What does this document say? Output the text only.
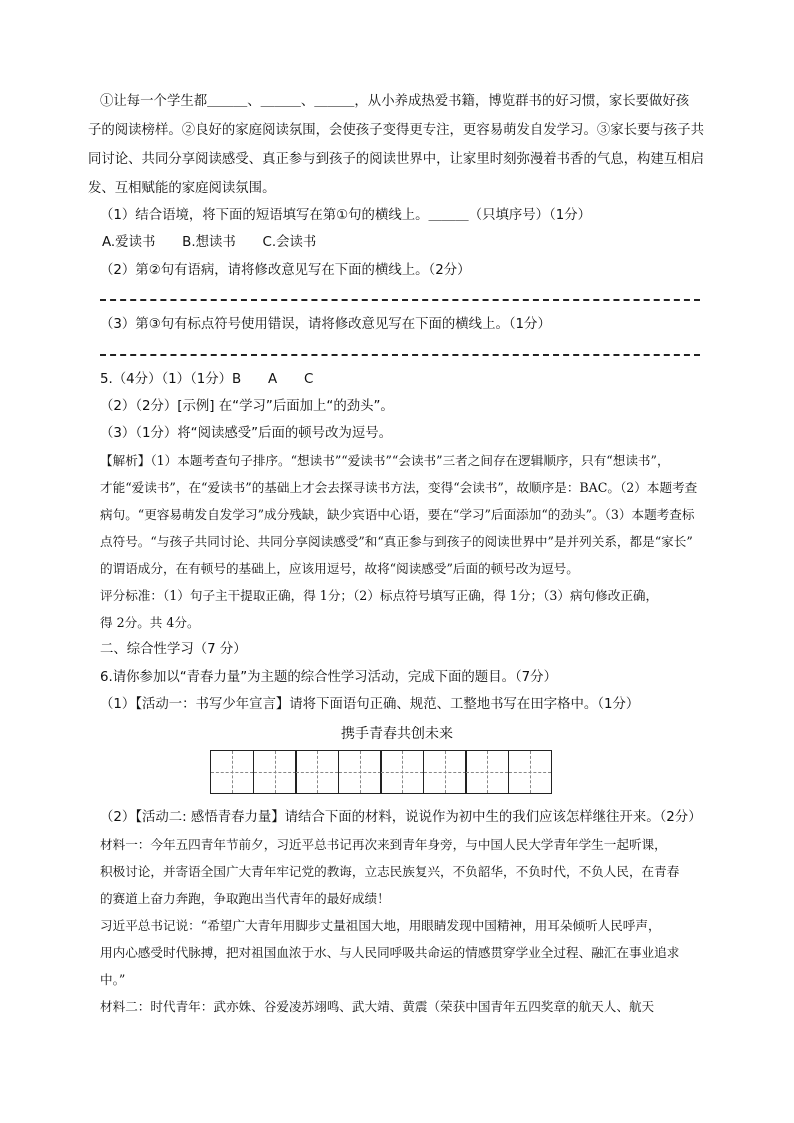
①让每一个学生都＿＿＿、＿＿＿、＿＿＿，从小养成热爱书籍，博览群书的好习惯，家长要做好孩
子的阅读榜样。②良好的家庭阅读氛围，会使孩子变得更专注，更容易萌发自发学习。③家长要与孩子共
同讨论、共同分享阅读感受、真正参与到孩子的阅读世界中，让家里时刻弥漫着书香的气息，构建互相启
发、互相赋能的家庭阅读氛围。
（1）结合语境，将下面的短语填写在第①句的横线上。＿＿＿（只填序号）（1分）
A.爱读书　　B.想读书　　C.会读书
（2）第②句有语病，请将修改意见写在下面的横线上。（2分）
（3）第③句有标点符号使用错误，请将修改意见写在下面的横线上。（1分）
5.（4分）（1）（1分）B　　A　　C
（2）（2分）[示例] 在“学习”后面加上“的劲头”。
（3）（1分）将“阅读感受”后面的顿号改为逗号。
【解析】（1）本题考查句子排序。“想读书”“爱读书”“会读书”三者之间存在逻辑顺序，只有“想读书”，
才能“爱读书”，在“爱读书”的基础上才会去探寻读书方法，变得“会读书”，故顺序是：BAC。（2）本题考查
病句。“更容易萌发自发学习”成分残缺，缺少宾语中心语，要在“学习”后面添加“的劲头”。（3）本题考查标
点符号。“与孩子共同讨论、共同分享阅读感受”和“真正参与到孩子的阅读世界中”是并列关系，都是“家长”
的谓语成分，在有顿号的基础上，应该用逗号，故将“阅读感受”后面的顿号改为逗号。
评分标准：（1）句子主干提取正确，得 1分；（2）标点符号填写正确，得 1分；（3）病句修改正确，
得 2分。共 4分。
二、综合性学习（7 分）
6.请你参加以“青春力量”为主题的综合性学习活动，完成下面的题目。（7分）
（1）【活动一：书写少年宣言】请将下面语句正确、规范、工整地书写在田字格中。（1分）
携手青春共创未来
（2）【活动二: 感悟青春力量】请结合下面的材料，说说作为初中生的我们应该怎样继往开来。（2分）
材料一：今年五四青年节前夕，习近平总书记再次来到青年身旁，与中国人民大学青年学生一起听课，
积极讨论，并寄语全国广大青年牢记党的教诲，立志民族复兴，不负韶华，不负时代，不负人民，在青春
的赛道上奋力奔跑，争取跑出当代青年的最好成绩！
习近平总书记说：“希望广大青年用脚步丈量祖国大地，用眼睛发现中国精神，用耳朵倾听人民呼声，
用内心感受时代脉搏，把对祖国血浓于水、与人民同呼吸共命运的情感贯穿学业全过程、融汇在事业追求
中。”
材料二：时代青年：武亦姝、谷爱凌苏翊鸣、武大靖、黄震（荣获中国青年五四奖章的航天人、航天
